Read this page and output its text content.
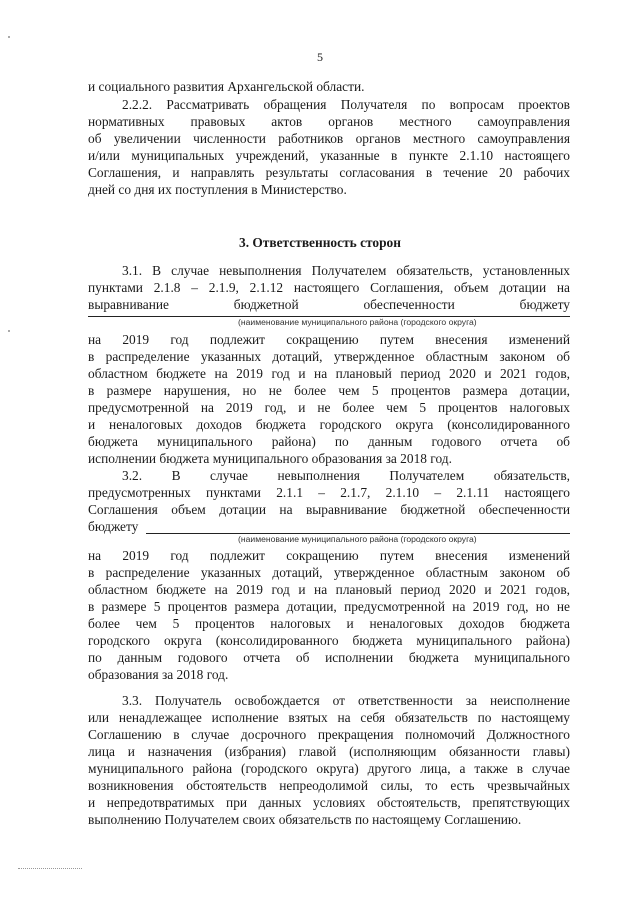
5
и социального развития Архангельской области.
2.2.2. Рассматривать обращения Получателя по вопросам проектов
нормативных правовых актов органов местного самоуправления
об увеличении численности работников органов местного самоуправления
и/или муниципальных учреждений, указанные в пункте 2.1.10 настоящего
Соглашения, и направлять результаты согласования в течение 20 рабочих
дней со дня их поступления в Министерство.
3. Ответственность сторон
3.1. В случае невыполнения Получателем обязательств, установленных
пунктами 2.1.8 – 2.1.9, 2.1.12 настоящего Соглашения, объем дотации на
выравнивание бюджетной обеспеченности бюджету
(наименование муниципального района (городского округа)
на 2019 год подлежит сокращению путем внесения изменений
в распределение указанных дотаций, утвержденное областным законом об
областном бюджете на 2019 год и на плановый период 2020 и 2021 годов,
в размере нарушения, но не более чем 5 процентов размера дотации,
предусмотренной на 2019 год, и не более чем 5 процентов налоговых
и неналоговых доходов бюджета городского округа (консолидированного
бюджета муниципального района) по данным годового отчета об
исполнении бюджета муниципального образования за 2018 год.
3.2. В случае невыполнения Получателем обязательств,
предусмотренных пунктами 2.1.1 – 2.1.7, 2.1.10 – 2.1.11 настоящего
Соглашения объем дотации на выравнивание бюджетной обеспеченности
бюджету
(наименование муниципального района (городского округа)
на 2019 год подлежит сокращению путем внесения изменений
в распределение указанных дотаций, утвержденное областным законом об
областном бюджете на 2019 год и на плановый период 2020 и 2021 годов,
в размере 5 процентов размера дотации, предусмотренной на 2019 год, но не
более чем 5 процентов налоговых и неналоговых доходов бюджета
городского округа (консолидированного бюджета муниципального района)
по данным годового отчета об исполнении бюджета муниципального
образования за 2018 год.
3.3. Получатель освобождается от ответственности за неисполнение
или ненадлежащее исполнение взятых на себя обязательств по настоящему
Соглашению в случае досрочного прекращения полномочий Должностного
лица и назначения (избрания) главой (исполняющим обязанности главы)
муниципального района (городского округа) другого лица, а также в случае
возникновения обстоятельств непреодолимой силы, то есть чрезвычайных
и непредотвратимых при данных условиях обстоятельств, препятствующих
выполнению Получателем своих обязательств по настоящему Соглашению.
